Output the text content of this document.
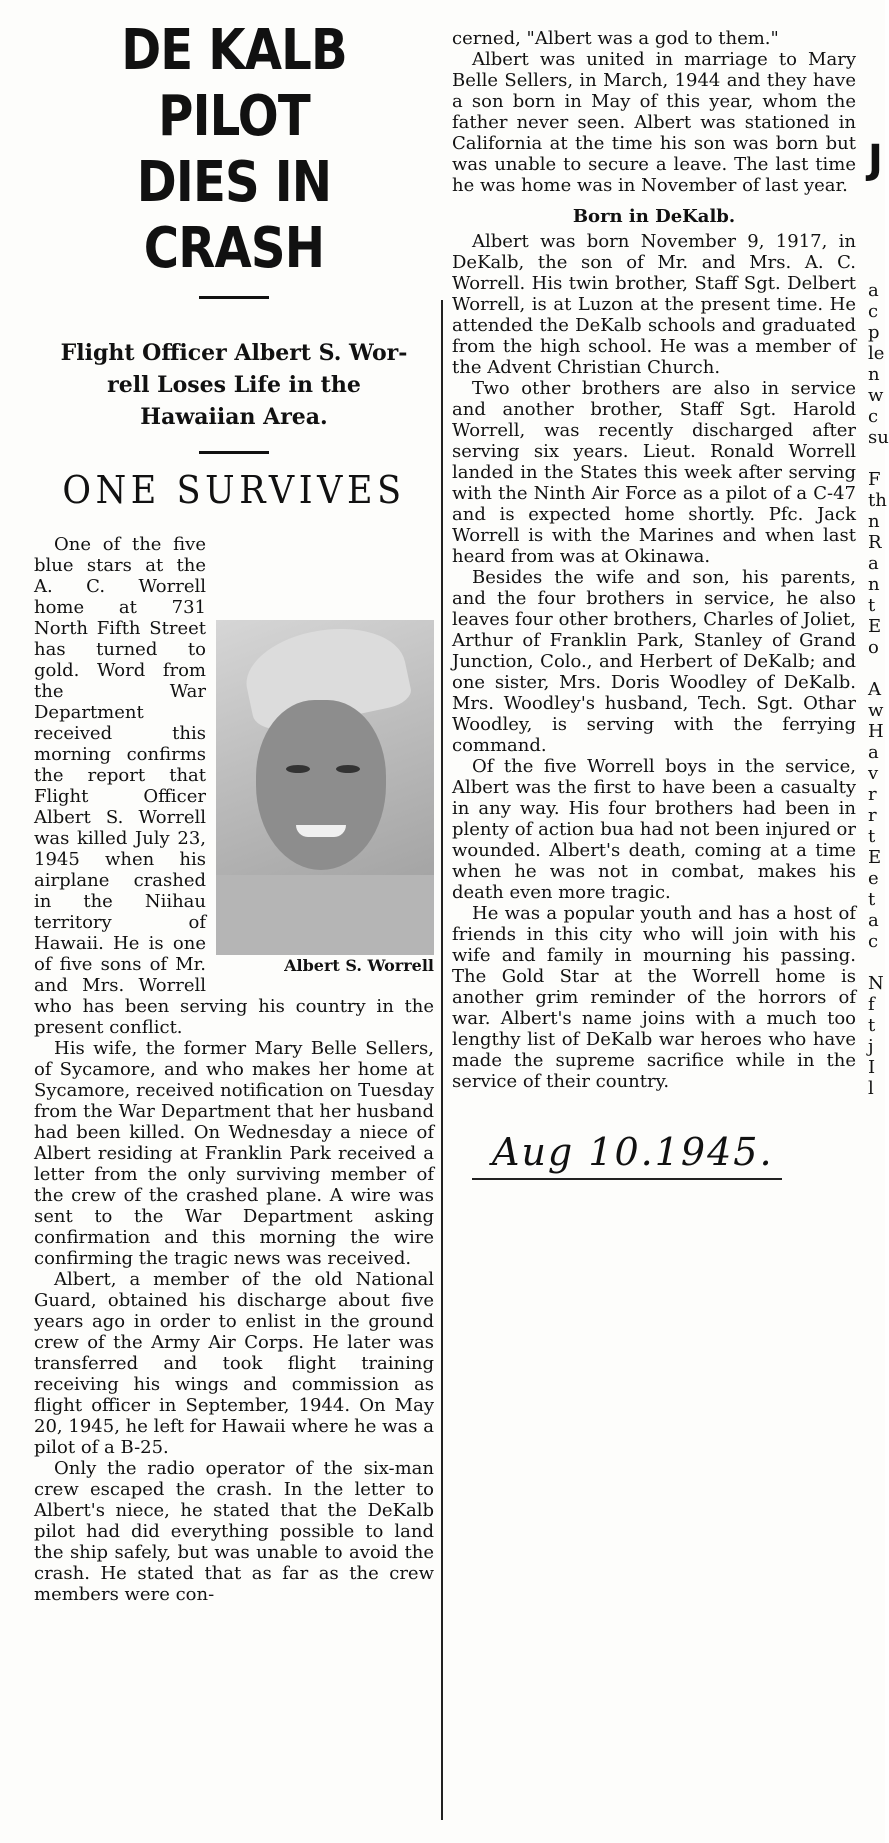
DE KALB PILOT
DIES IN CRASH
Flight Officer Albert S. Wor-
rell Loses Life in the
Hawaiian Area.
ONE SURVIVES

Albert S. Worrell
One of the five blue stars at the A. C. Worrell home at 731 North Fifth Street has turned to gold. Word from the War Department received this morning confirms the report that Flight Officer Albert S. Worrell was killed July 23, 1945 when his airplane crashed in the Niihau territory of Hawaii. He is one of five sons of Mr. and Mrs. Worrell who has been serving his country in the present conflict.

His wife, the former Mary Belle Sellers, of Sycamore, and who makes her home at Sycamore, received notification on Tuesday from the War Department that her husband had been killed. On Wednesday a niece of Albert residing at Franklin Park received a letter from the only surviving member of the crew of the crashed plane. A wire was sent to the War Department asking confirmation and this morning the wire confirming the tragic news was received.

Albert, a member of the old National Guard, obtained his discharge about five years ago in order to enlist in the ground crew of the Army Air Corps. He later was transferred and took flight training receiving his wings and commission as flight officer in September, 1944. On May 20, 1945, he left for Hawaii where he was a pilot of a B-25.

Only the radio operator of the six-man crew escaped the crash. In the letter to Albert's niece, he stated that the DeKalb pilot had did everything possible to land the ship safely, but was unable to avoid the crash. He stated that as far as the crew members were con-

cerned, "Albert was a god to them."

Albert was united in marriage to Mary Belle Sellers, in March, 1944 and they have a son born in May of this year, whom the father never seen. Albert was stationed in California at the time his son was born but was unable to secure a leave. The last time he was home was in November of last year.

Born in DeKalb.

Albert was born November 9, 1917, in DeKalb, the son of Mr. and Mrs. A. C. Worrell. His twin brother, Staff Sgt. Delbert Worrell, is at Luzon at the present time. He attended the DeKalb schools and graduated from the high school. He was a member of the Advent Christian Church.

Two other brothers are also in service and another brother, Staff Sgt. Harold Worrell, was recently discharged after serving six years. Lieut. Ronald Worrell landed in the States this week after serving with the Ninth Air Force as a pilot of a C-47 and is expected home shortly. Pfc. Jack Worrell is with the Marines and when last heard from was at Okinawa.

Besides the wife and son, his parents, and the four brothers in service, he also leaves four other brothers, Charles of Joliet, Arthur of Franklin Park, Stanley of Grand Junction, Colo., and Herbert of DeKalb; and one sister, Mrs. Doris Woodley of DeKalb. Mrs. Woodley's husband, Tech. Sgt. Othar Woodley, is serving with the ferrying command.

Of the five Worrell boys in the service, Albert was the first to have been a casualty in any way. His four brothers had been in plenty of action bua had not been injured or wounded. Albert's death, coming at a time when he was not in combat, makes his death even more tragic.

He was a popular youth and has a host of friends in this city who will join with his wife and family in mourning his passing. The Gold Star at the Worrell home is another grim reminder of the horrors of war. Albert's name joins with a much too lengthy list of DeKalb war heroes who have made the supreme sacrifice while in the service of their country.

Aug 10.1945.
J
a
c
p
le
n
w
c
su
F
th
n
R
a
n
t
E
o
A
w
H
a
v
r
r
t
E
e
t
a
c
N
f
t
j
I
l
